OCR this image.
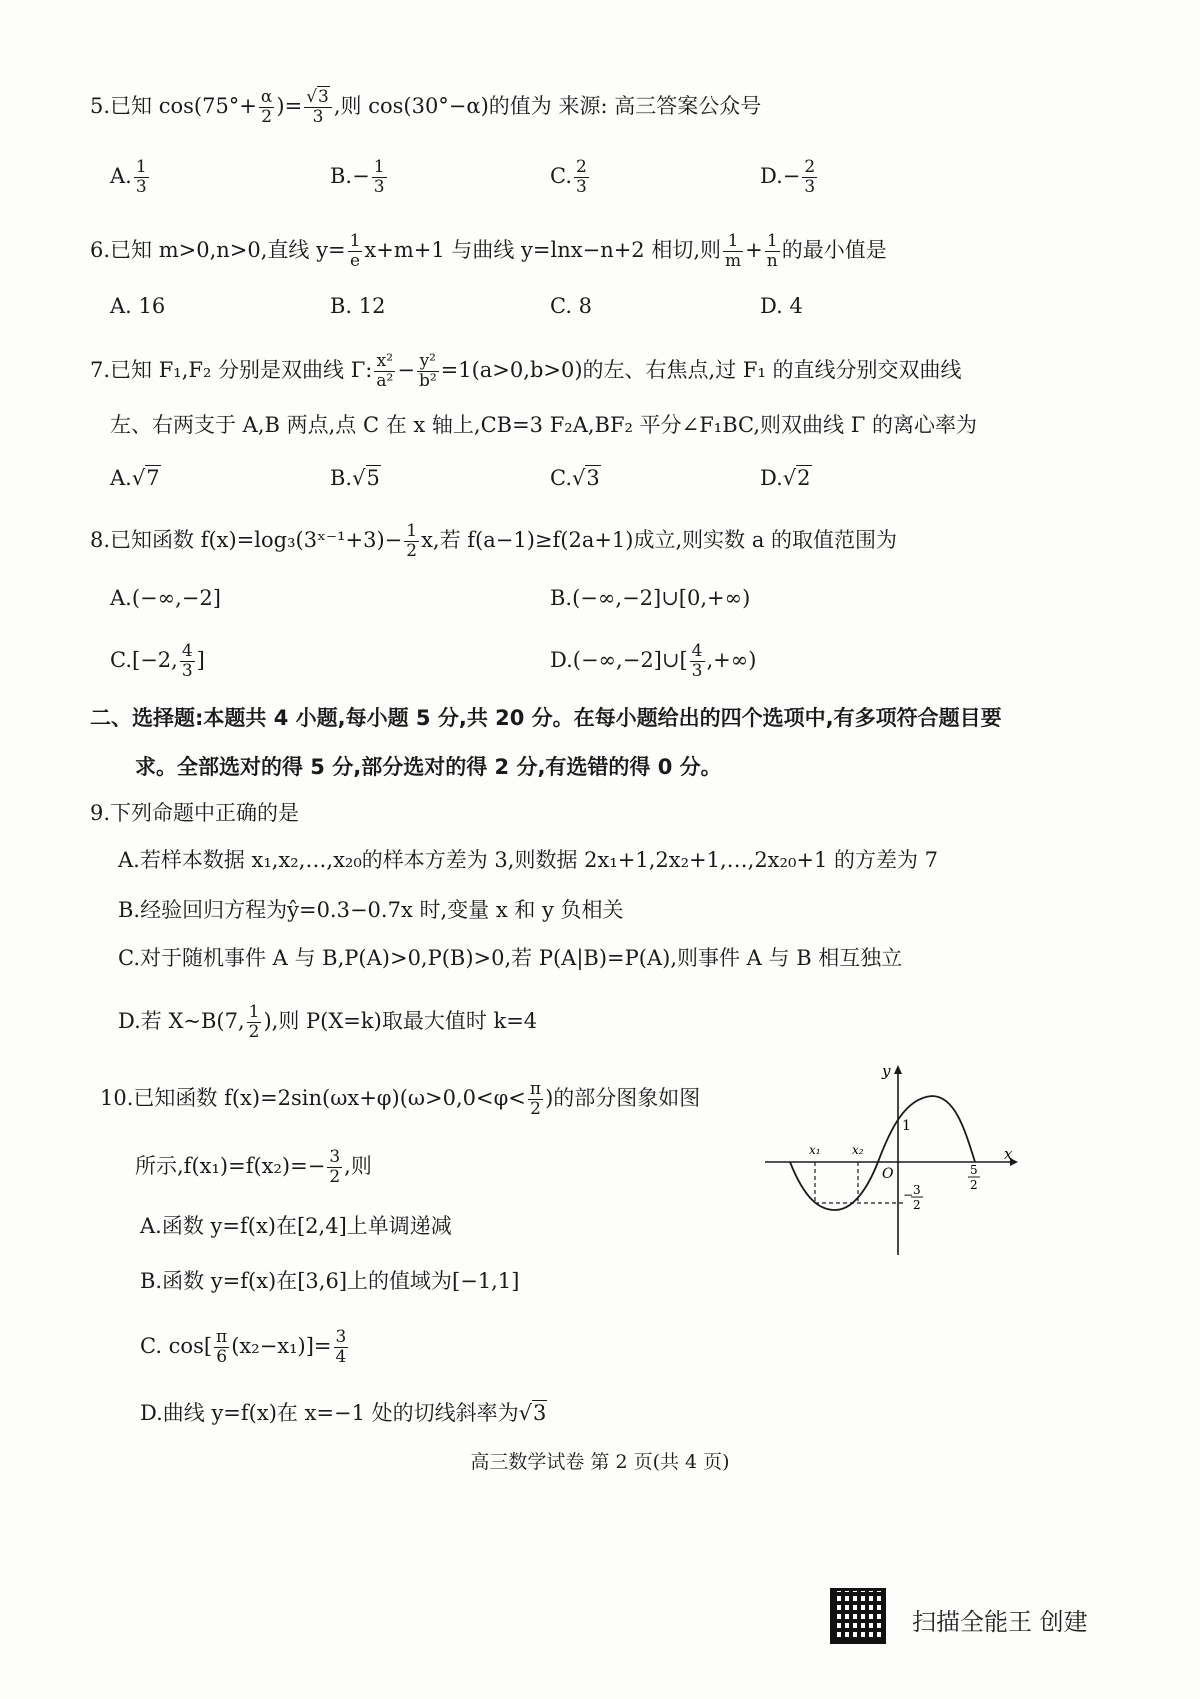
5.已知 $\cos(75^\circ+ \frac{\alpha}{2}$ )= $\frac{√3}{3}$ ,则 cos(30°−α)的值为 来源: 高三答案公众号
A. $\frac{1}{3}$	$B.- \frac{1}{3}$	C. $\frac{2}{3}$	$D.- \frac{2}{3}$
6.已知 m>0,n>0,直线 $y= \frac{1}{e} x+m+1$ 与曲线 y=lnx−n+2 相切,则 $\frac{1}{m} + \frac{1}{n}$ 的最小值是
A. 16	B. 12	C. 8	D. 4
7.已知 F₁,F₂ 分别是双曲线 Γ: $\frac{\text{x²}}{\text{a²}} - \frac{\text{y²}}{\text{b²}} =1(a>0,b>0)$的左、右焦点,过 F₁ 的直线分别交双曲线
左、右两支于 A,B 两点,点 C 在 x 轴上,CB=3 F₂A,BF₂ 平分∠F₁BC,则双曲线 Γ 的离心率为
A.√7	B.√5	C.√3	D.√2
8.已知函数 f(x)=log₃(3ˣ⁻¹+3)− $\frac{1}{2} x$,若 f(a−1)≥f(2a+1)成立,则实数 a 的取值范围为
A.(−∞,−2]	B.(−∞,−2]∪[0,+∞)
C.[−2, $\frac{4}{3}$ ]	D.(−∞,−2]∪[ $\frac{4}{3}$ ,+∞)
二、选择题:本题共 4 小题,每小题 5 分,共 20 分。在每小题给出的四个选项中,有多项符合题目要
求。全部选对的得 5 分,部分选对的得 2 分,有选错的得 0 分。
9.下列命题中正确的是
A.若样本数据 x₁,x₂,…,x₂₀的样本方差为 3,则数据 2x₁+1,2x₂+1,…,2x₂₀+1 的方差为 7
B.经验回归方程为ŷ=0.3−0.7x 时,变量 x 和 y 负相关
C.对于随机事件 A 与 B,P(A)>0,P(B)>0,若 P(A|B)=P(A),则事件 A 与 B 相互独立
D.若 X~B(7, $\frac{1}{2}$ ),则 P(X=k)取最大值时 k=4
10.已知函数 $f(x)=2\sin(\omega x+\varphi)(\omega>0,0<\varphi< \frac{\pi}{2}$ )的部分图象如图
所示$,f(x_1)=f(x_2)=- \frac{3}{2}$ ,则
A.函数 y=f(x)在[2,4]上单调递减
B.函数 y=f(x)在[3,6]上的值域为[−1,1]
C. $\cos[ \frac{\pi}{6} (x_2-x_1)]= \frac{3}{4}$
D.曲线 y=f(x)在 x=−1 处的切线斜率为√3
y
x
O
1
x₁	x₂
5
2
− 3
2
高三数学试卷 第 2 页(共 4 页)
扫描全能王 创建
